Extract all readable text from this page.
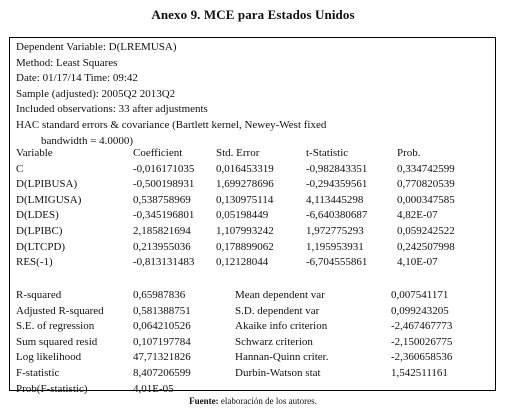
Anexo 9. MCE para Estados Unidos
Dependent Variable: D(LREMUSA)
Method: Least Squares
Date: 01/17/14 Time: 09:42
Sample (adjusted): 2005Q2 2013Q2
Included observations: 33 after adjustments
HAC standard errors & covariance (Bartlett kernel, Newey-West fixed
bandwidth = 4.0000)
Variable	Coefficient	Std. Error	t-Statistic	Prob.
C	-0,016171035 0,016453319	-0,982843351	0,334742599
D(LPIBUSA)	-0,500198931 1,699278696	-0,294359561	0,770820539
D(LMIGUSA)	0,538758969 0,130975114	4,113445298	0,000347585
D(LDES)	-0,345196801 0,05198449	-6,640380687	4,82E-07
D(LPIBC)	2,185821694 1,107993242	1,972775293	0,059242522
D(LTCPD)	0,213955036 0,178899062	1,195953931	0,242507998
RES(-1)	-0,813131483 0,12128044	-6,704555861	4,10E-07
R-squared	0,65987836	Mean dependent var	0,007541171
Adjusted R-squared	0,581388751	S.D. dependent var	0,099243205
S.E. of regression	0,064210526	Akaike info criterion	-2,467467773
Sum squared resid	0,107197784	Schwarz criterion	-2,150026775
Log likelihood	47,71321826	Hannan-Quinn criter.	-2,360658536
F-statistic	8,407206599	Durbin-Watson stat	1,542511161
Prob(F-statistic)	4,01E-05
Fuente: elaboración de los autores.
